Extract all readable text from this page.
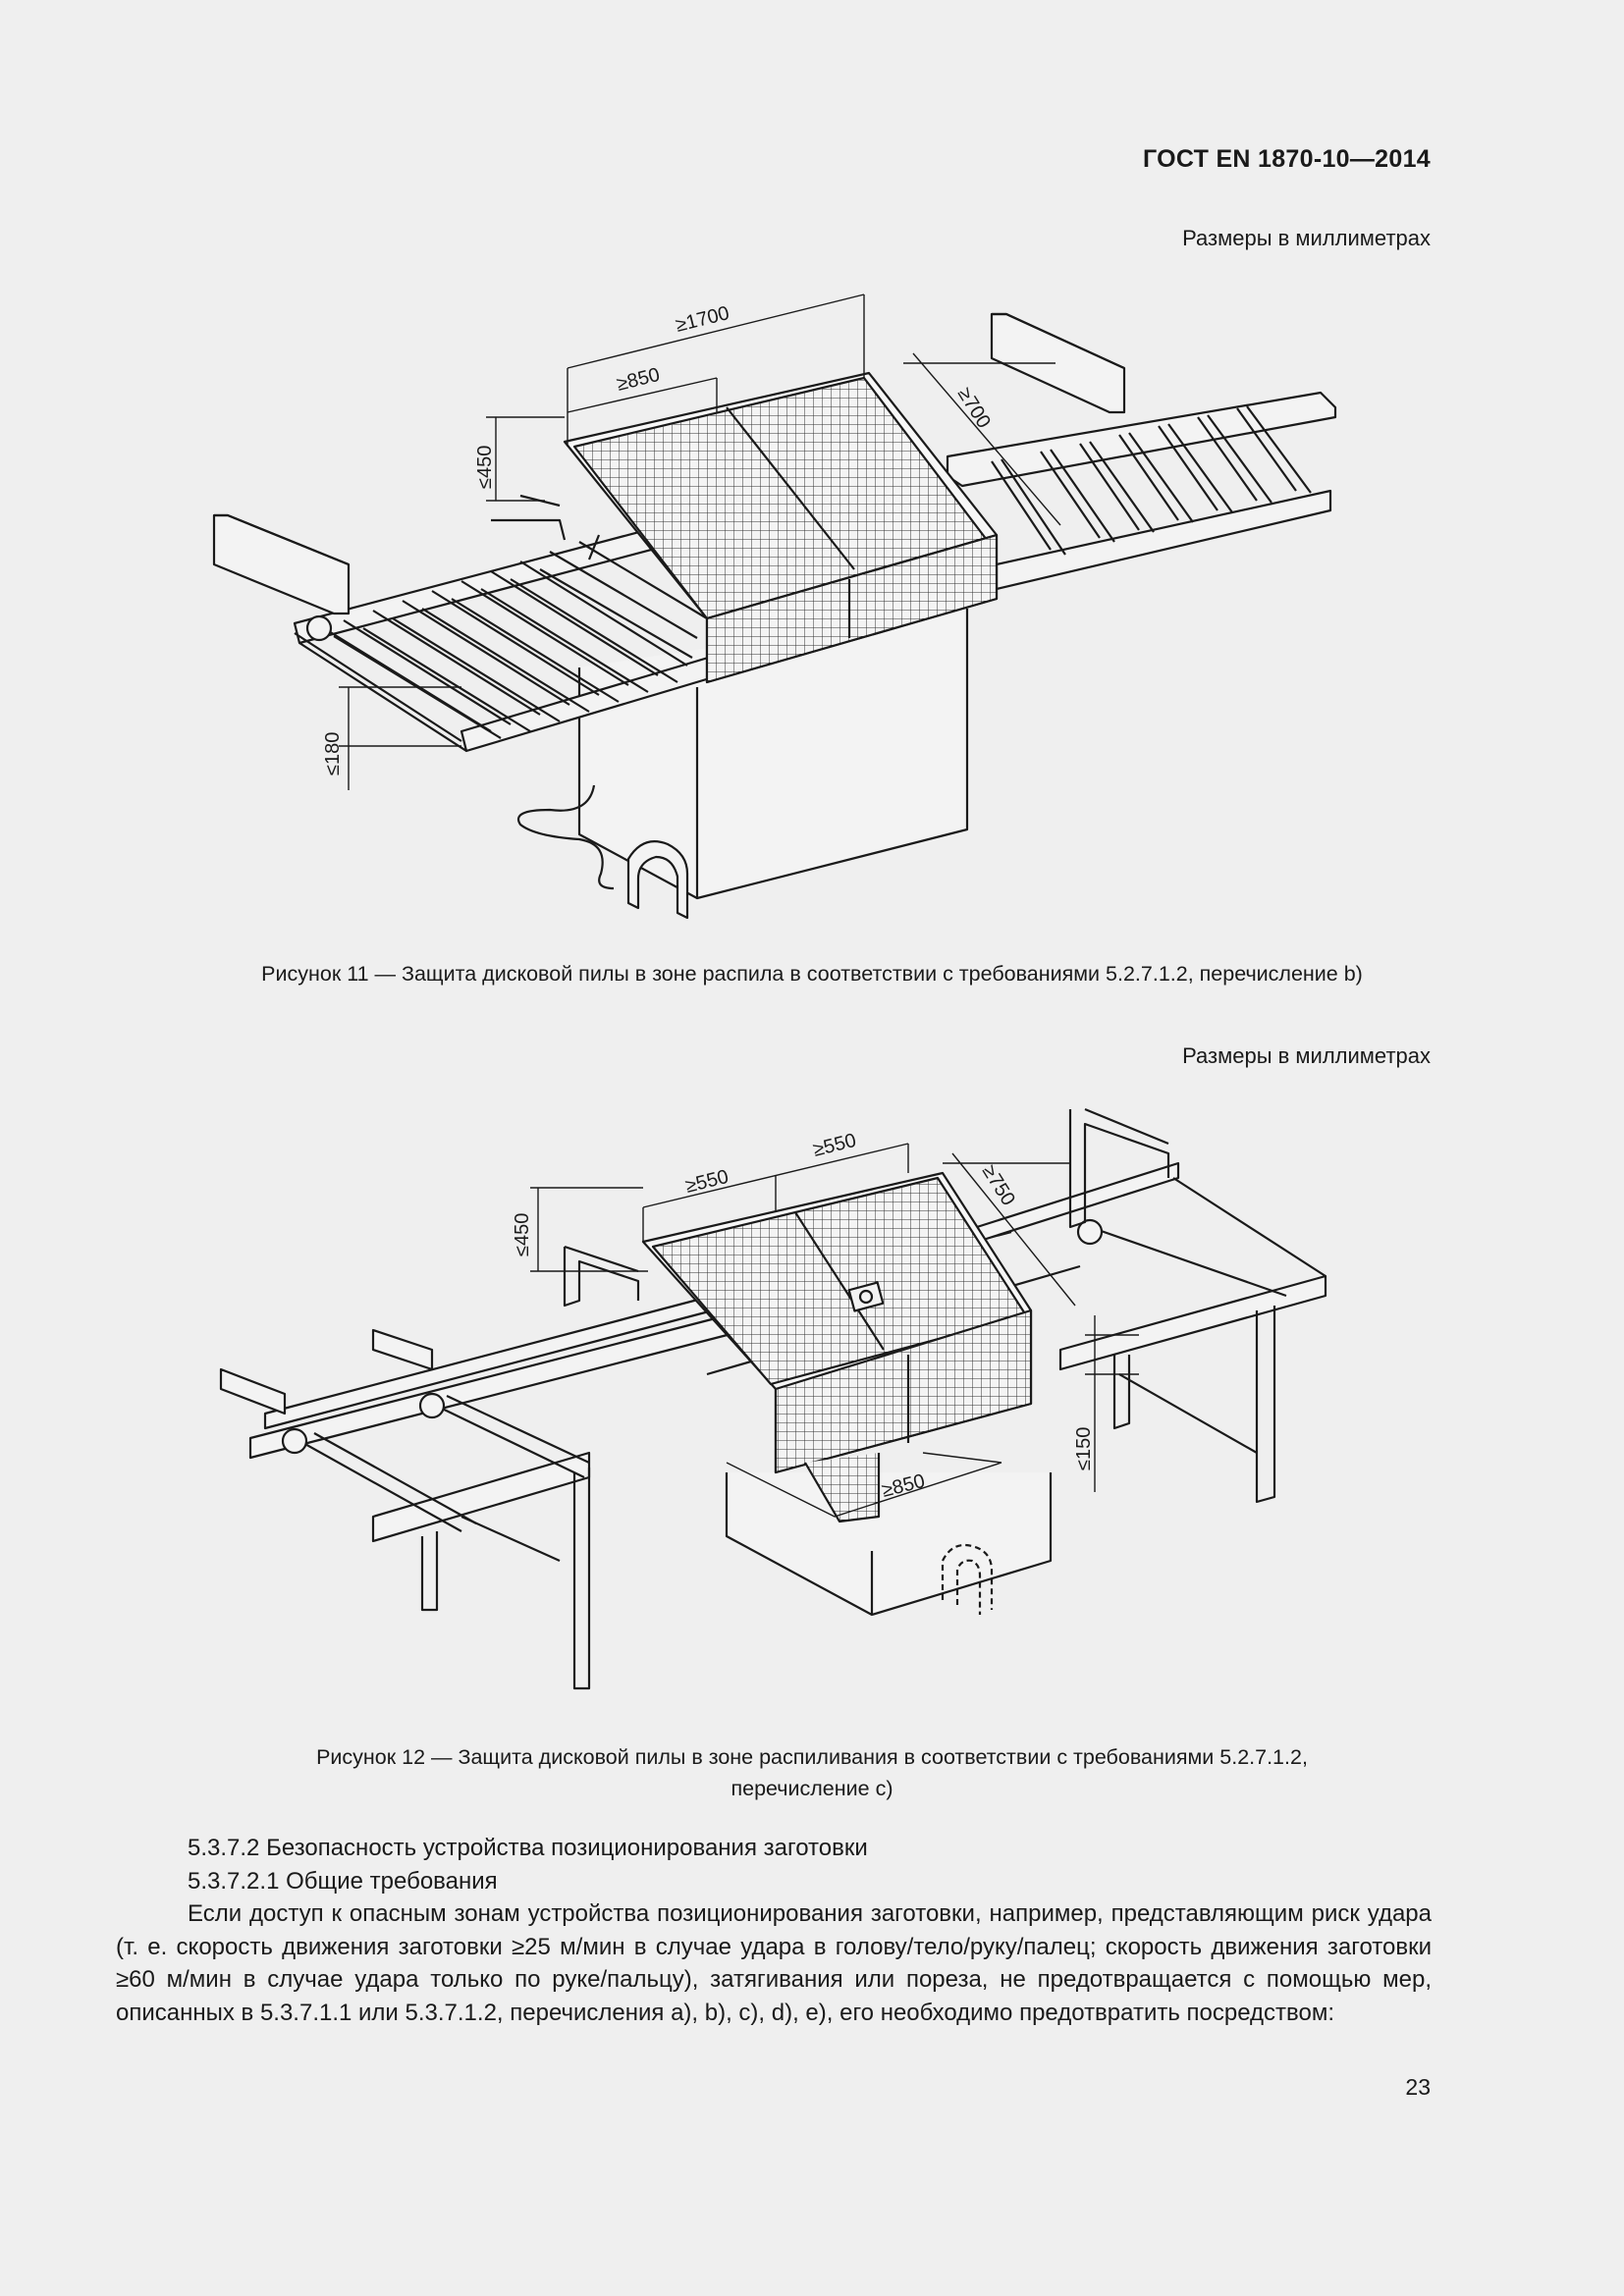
ГОСТ EN 1870-10—2014
Размеры в миллиметрах
≥1700
≥850
≥700
≤450
≤180
Рисунок 11 — Защита дисковой пилы в зоне распила в соответствии с требованиями 5.2.7.1.2, перечисление b)
Размеры в миллиметрах
≥550
≥550
≥750
≤450
≤150
≥850
Рисунок 12 — Защита дисковой пилы в зоне распиливания в соответствии с требованиями 5.2.7.1.2,
перечисление c)

5.3.7.2 Безопасность устройства позиционирования заготовки

5.3.7.2.1 Общие требования

Если доступ к опасным зонам устройства позиционирования заготовки, например, представляющим риск удара (т. е. скорость движения заготовки ≥25 м/мин в случае удара в голову/тело/руку/палец; скорость движения заготовки ≥60 м/мин в случае удара только по руке/пальцу), затягивания или пореза, не предотвращается с помощью мер, описанных в 5.3.7.1.1 или 5.3.7.1.2, перечисления a), b), c), d), e), его необходимо предотвратить посредством:

23
